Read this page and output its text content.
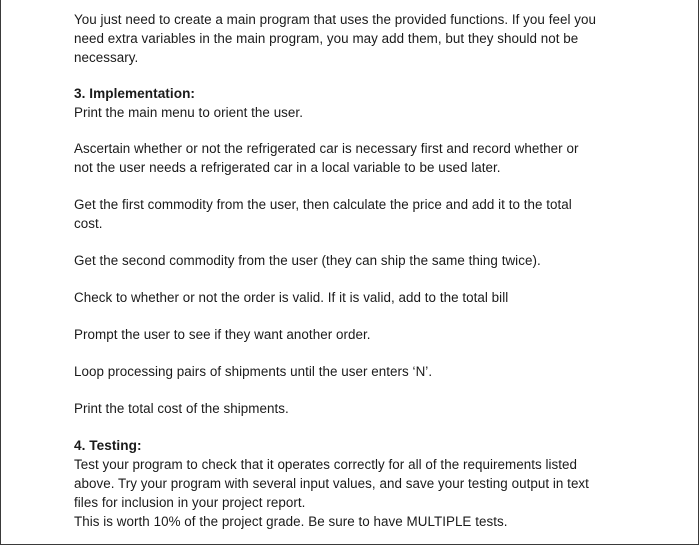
You just need to create a main program that uses the provided functions. If you feel you

need extra variables in the main program, you may add them, but they should not be

necessary.

3. Implementation:

Print the main menu to orient the user.

Ascertain whether or not the refrigerated car is necessary first and record whether or

not the user needs a refrigerated car in a local variable to be used later.

Get the first commodity from the user, then calculate the price and add it to the total

cost.

Get the second commodity from the user (they can ship the same thing twice).

Check to whether or not the order is valid. If it is valid, add to the total bill

Prompt the user to see if they want another order.

Loop processing pairs of shipments until the user enters ‘N’.

Print the total cost of the shipments.

4. Testing:

Test your program to check that it operates correctly for all of the requirements listed

above. Try your program with several input values, and save your testing output in text

files for inclusion in your project report.

This is worth 10% of the project grade. Be sure to have MULTIPLE tests.
